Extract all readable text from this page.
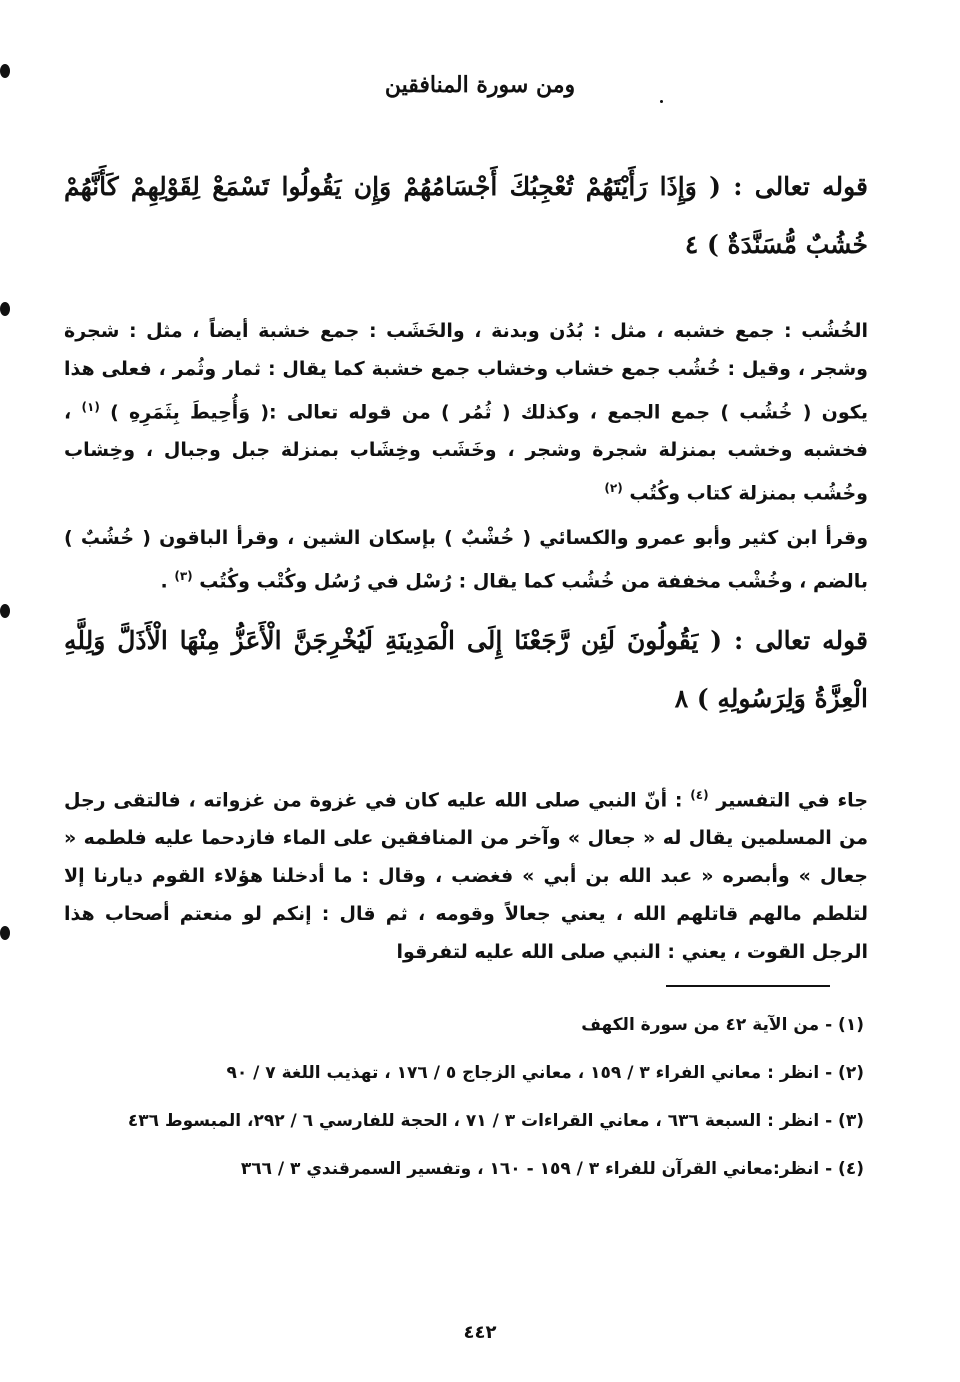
ومن سورة المنافقين
قوله تعالى : ( وَإِذَا رَأَيْتَهُمْ تُعْجِبُكَ أَجْسَامُهُمْ وَإِن يَقُولُوا تَسْمَعْ لِقَوْلِهِمْ كَأَنَّهُمْ خُشُبٌ مُّسَنَّدَةٌ ) ٤

الخُشُب : جمع خشبه ، مثل : بُدُن وبدنة ، والخَشَب : جمع خشبة أيضاً ، مثل : شجرة وشجر ، وقيل : خُشُب جمع خشاب وخشاب جمع خشبة كما يقال : ثمار وثُمر ، فعلى هذا يكون ( خُشُب ) جمع الجمع ، وكذلك ( ثُمُر ) من قوله تعالى :( وَأُحِيطَ بِثَمَرِهِ ) $^{(١)}$ ، فخشبه وخشب بمنزلة شجرة وشجر ، وخَشَب وخِشَاب بمنزلة جبل وجبال ، وخِشاب وخُشُب بمنزلة كتاب وكُتُب $^{(٢)}$

وقرأ ابن كثير وأبو عمرو والكسائي ( خُشْبٌ ) بإسكان الشين ، وقرأ الباقون ( خُشُبٌ ) بالضم ، وخُشْب مخففة من خُشُب كما يقال : رُسْل في رُسُل وكُتْب وكُتُب $^{(٣)}$ .

قوله تعالى : ( يَقُولُونَ لَئِن رَّجَعْنَا إِلَى الْمَدِينَةِ لَيُخْرِجَنَّ الْأَعَزُّ مِنْهَا الْأَذَلَّ وَلِلَّهِ الْعِزَّةُ وَلِرَسُولِهِ ) ٨

جاء في التفسير $^{(٤)}$ : أنّ النبي صلى الله عليه كان في غزوة من غزواته ، فالتقى رجل من المسلمين يقال له « جعال » وآخر من المنافقين على الماء فازدحما عليه فلطمه « جعال » وأبصره « عبد الله بن أبي » فغضب ، وقال : ما أدخلنا هؤلاء القوم ديارنا إلا لتلطم مالهم قاتلهم الله ، يعني جعالاً وقومه ، ثم قال : إنكم لو منعتم أصحاب هذا الرجل القوت ، يعني : النبي صلى الله عليه لتفرقوا

(١) - من الآية ٤٢ من سورة الكهف
(٢) - انظر : معاني الفراء ٣ / ١٥٩ ، معاني الزجاج ٥ / ١٧٦ ، تهذيب اللغة ٧ / ٩٠
(٣) - انظر : السبعة ٦٣٦ ، معاني القراءات ٣ / ٧١ ، الحجة للفارسي ٦ / ٢٩٢، المبسوط ٤٣٦
(٤) - انظر:معاني القرآن للفراء ٣ / ١٥٩ - ١٦٠ ، وتفسير السمرقندي ٣ / ٣٦٦
٤٤٢
